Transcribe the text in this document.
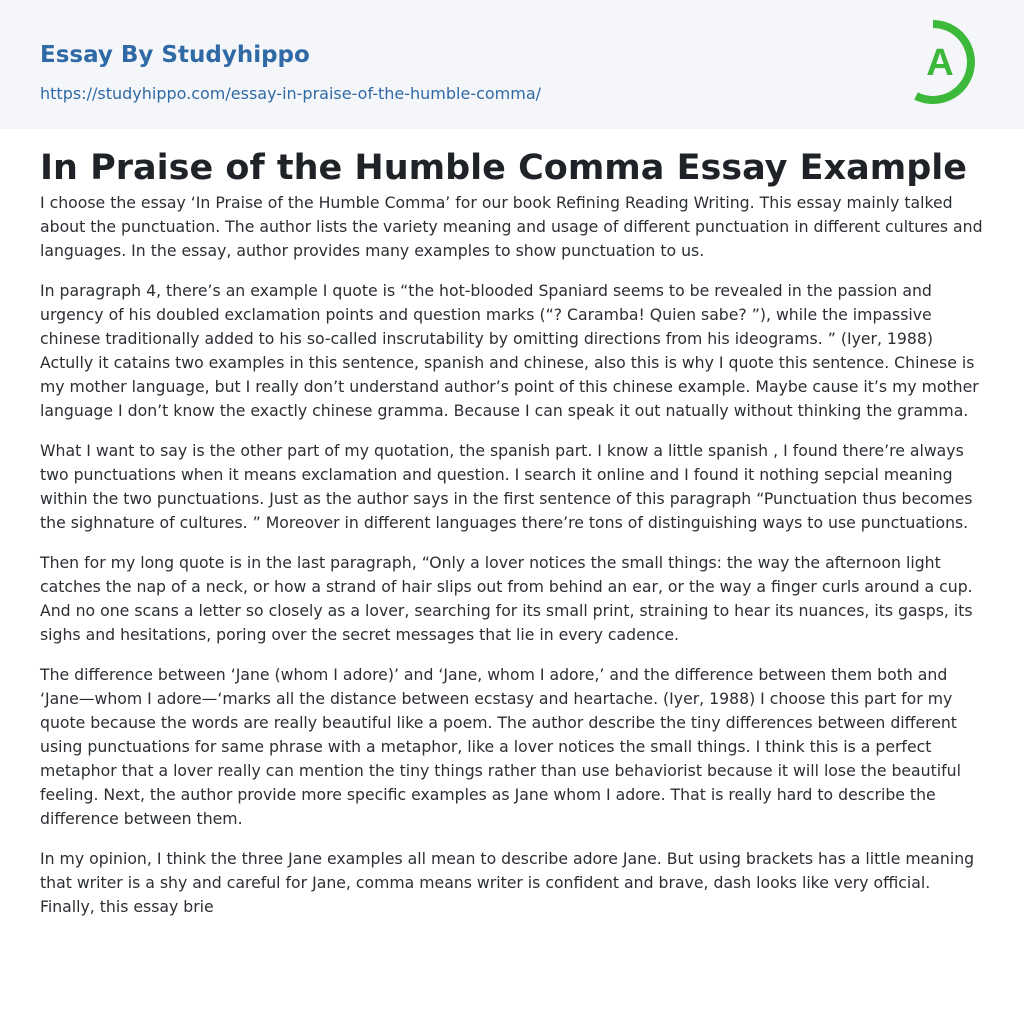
Essay By Studyhippo
https://studyhippo.com/essay-in-praise-of-the-humble-comma/
A
In Praise of the Humble Comma Essay Example

I choose the essay ‘In Praise of the Humble Comma’ for our book Refining Reading Writing. This essay mainly talked about the punctuation. The author lists the variety meaning and usage of different punctuation in different cultures and languages. In the essay, author provides many examples to show punctuation to us.

In paragraph 4, there’s an example I quote is “the hot-blooded Spaniard seems to be revealed in the passion and urgency of his doubled exclamation points and question marks (“? Caramba! Quien sabe? ”), while the impassive chinese traditionally added to his so-called inscrutability by omitting directions from his ideograms. ” (Iyer, 1988) Actully it catains two examples in this sentence, spanish and chinese, also this is why I quote this sentence. Chinese is my mother language, but I really don’t understand author’s point of this chinese example. Maybe cause it’s my mother language I don’t know the exactly chinese gramma. Because I can speak it out natually without thinking the gramma.

What I want to say is the other part of my quotation, the spanish part. I know a little spanish , I found there’re always two punctuations when it means exclamation and question. I search it online and I found it nothing sepcial meaning within the two punctuations. Just as the author says in the first sentence of this paragraph “Punctuation thus becomes the sighnature of cultures. ” Moreover in different languages there’re tons of distinguishing ways to use punctuations.

Then for my long quote is in the last paragraph, “Only a lover notices the small things: the way the afternoon light catches the nap of a neck, or how a strand of hair slips out from behind an ear, or the way a finger curls around a cup. And no one scans a letter so closely as a lover, searching for its small print, straining to hear its nuances, its gasps, its sighs and hesitations, poring over the secret messages that lie in every cadence.

The difference between ‘Jane (whom I adore)’ and ‘Jane, whom I adore,’ and the difference between them both and ‘Jane—whom I adore—‘marks all the distance between ecstasy and heartache. (Iyer, 1988) I choose this part for my quote because the words are really beautiful like a poem. The author describe the tiny differences between different using punctuations for same phrase with a metaphor, like a lover notices the small things. I think this is a perfect metaphor that a lover really can mention the tiny things rather than use behaviorist because it will lose the beautiful feeling. Next, the author provide more specific examples as Jane whom I adore. That is really hard to describe the difference between them.

In my opinion, I think the three Jane examples all mean to describe adore Jane. But using brackets has a little meaning that writer is a shy and careful for Jane, comma means writer is confident and brave, dash looks like very official. Finally, this essay brie
